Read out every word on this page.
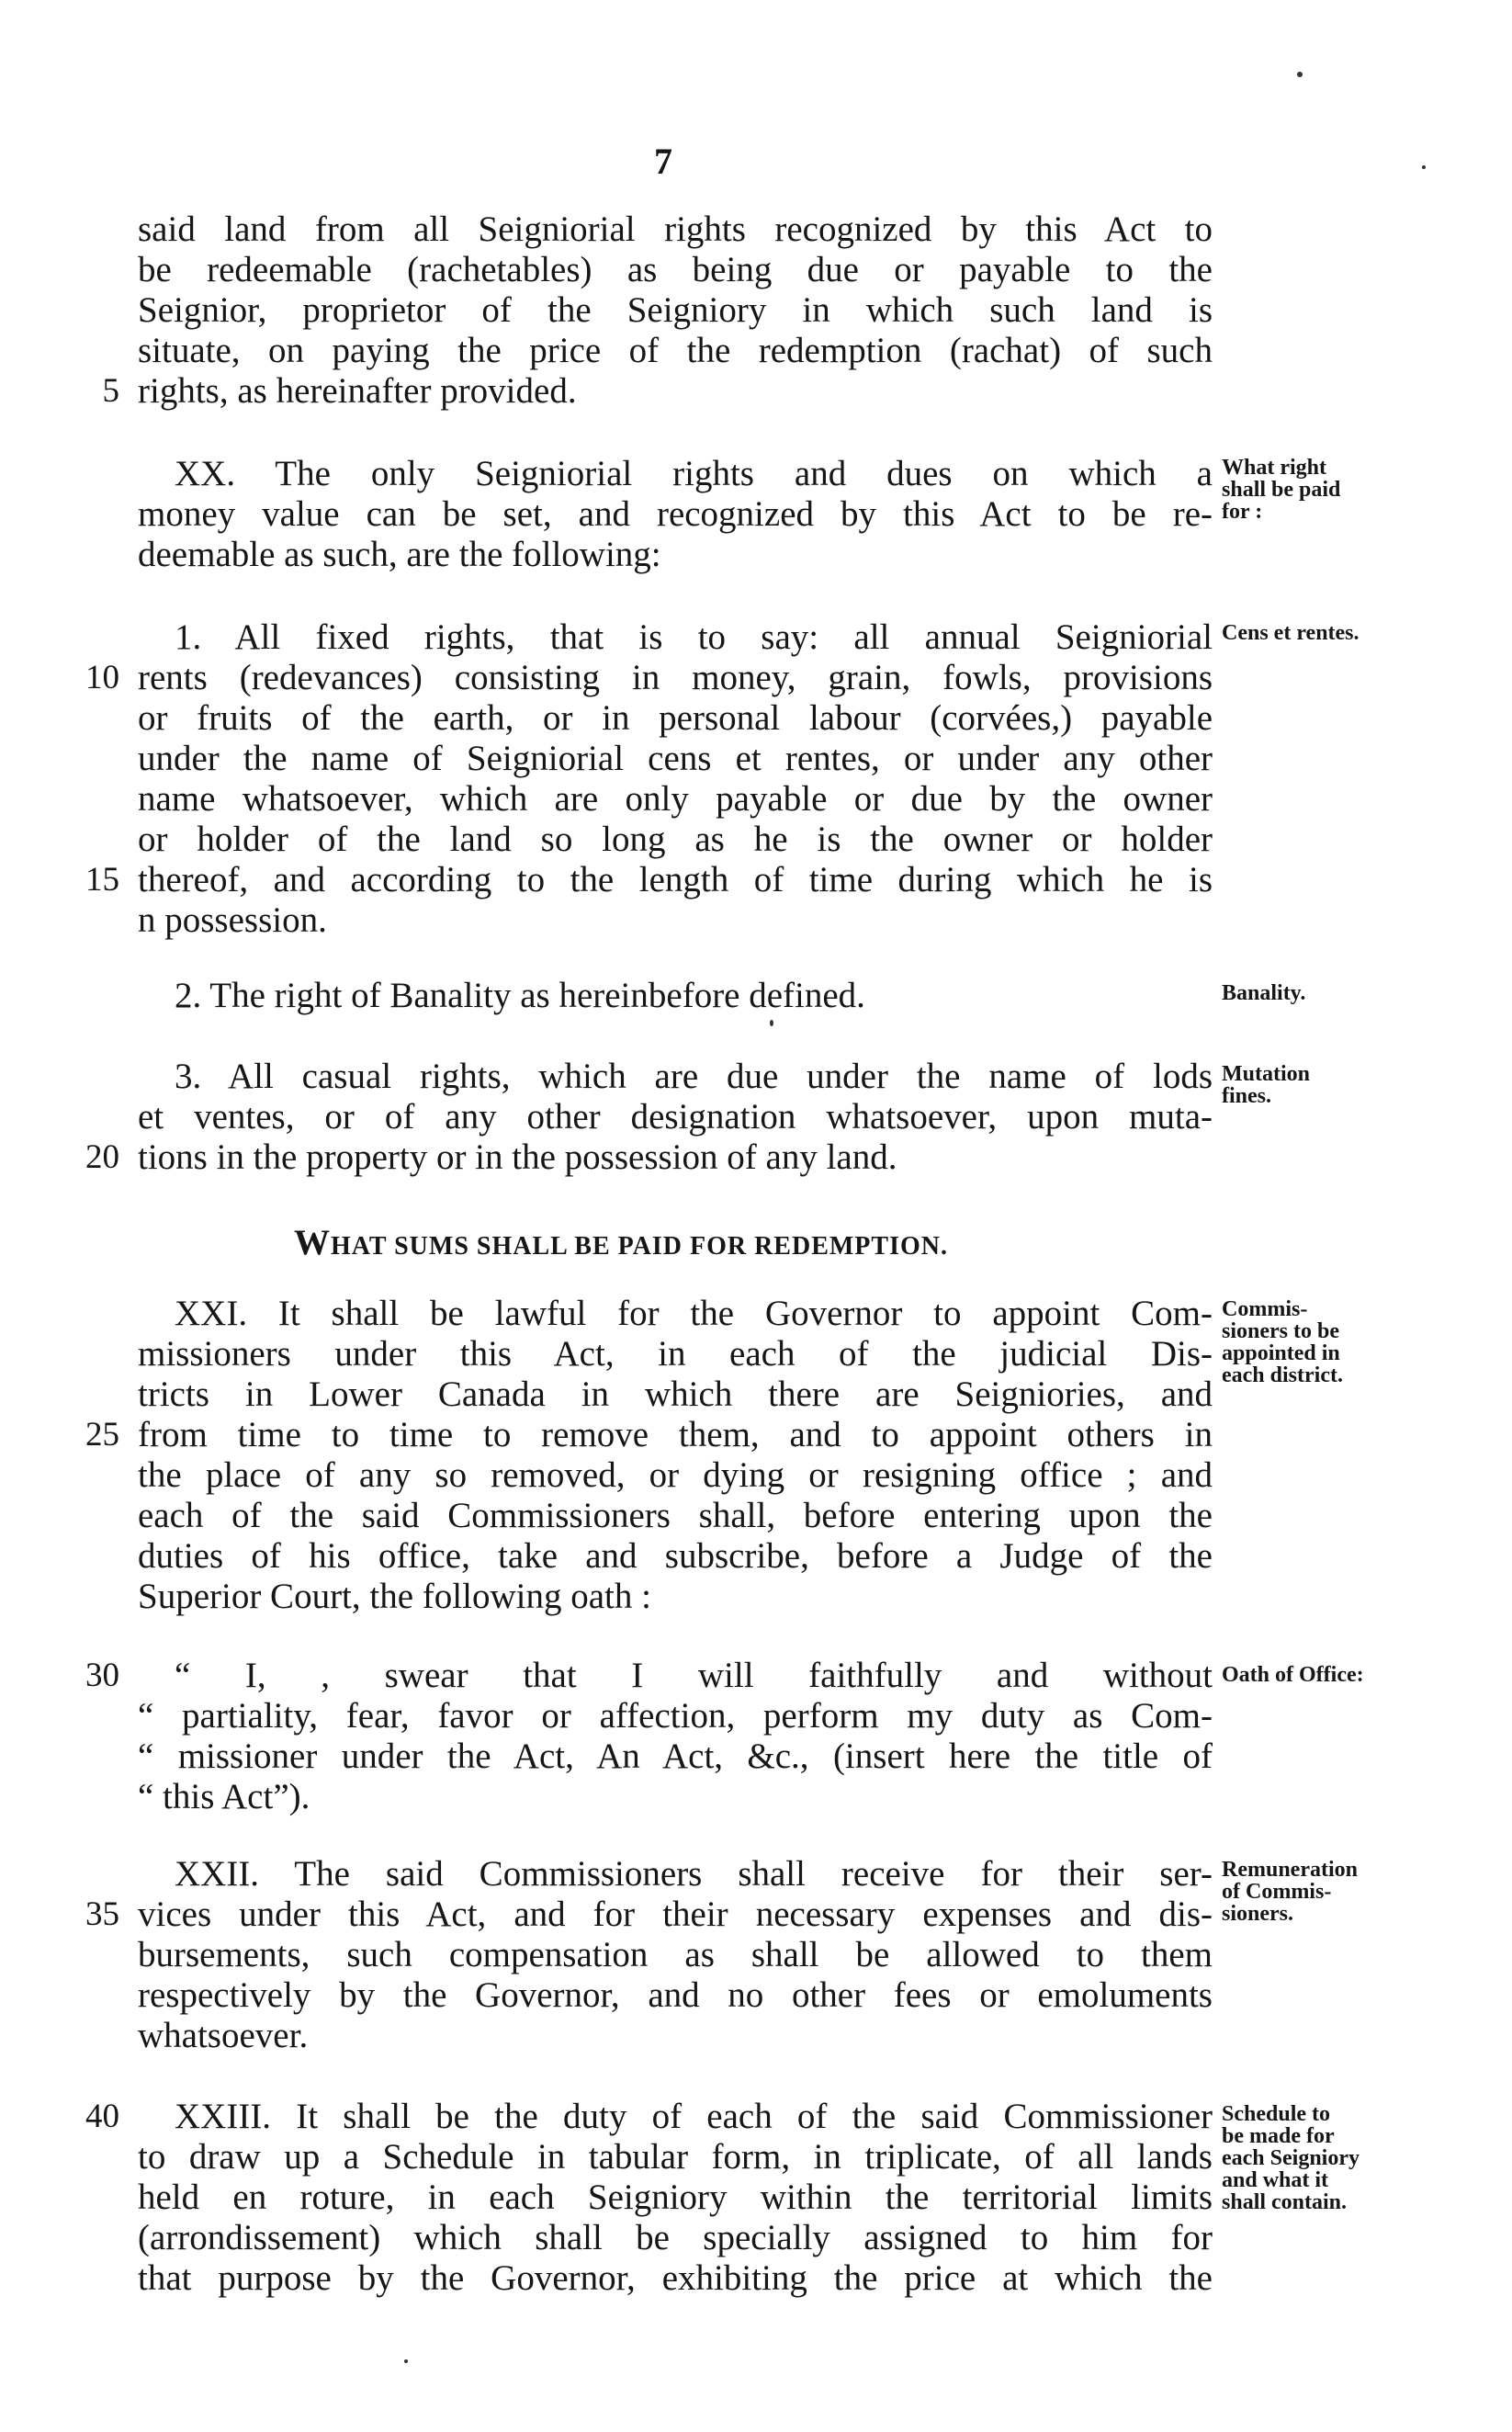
7
said land from all Seigniorial rights recognized by this Act to
be redeemable (rachetables) as being due or payable to the
Seignior, proprietor of the Seigniory in which such land is
situate, on paying the price of the redemption (rachat) of such
rights, as hereinafter provided.
5
XX. The only Seigniorial rights and dues on which a
money value can be set, and recognized by this Act to be re-
deemable as such, are the following:
What right
shall be paid
for :
1. All fixed rights, that is to say: all annual Seigniorial
rents (redevances) consisting in money, grain, fowls, provisions
10
or fruits of the earth, or in personal labour (corvées,) payable
under the name of Seigniorial cens et rentes, or under any other
name whatsoever, which are only payable or due by the owner
or holder of the land so long as he is the owner or holder
thereof, and according to the length of time during which he is
15
n possession.
Cens et rentes.
2. The right of Banality as hereinbefore defined.	Banality.
3. All casual rights, which are due under the name of lods
et ventes, or of any other designation whatsoever, upon muta-
tions in the property or in the possession of any land.
20
Mutation
fines.
WHAT SUMS SHALL BE PAID FOR REDEMPTION.
XXI. It shall be lawful for the Governor to appoint Com-
missioners under this Act, in each of the judicial Dis-
tricts in Lower Canada in which there are Seigniories, and
from time to time to remove them, and to appoint others in
25
the place of any so removed, or dying or resigning office ; and
each of the said Commissioners shall, before entering upon the
duties of his office, take and subscribe, before a Judge of the
Superior Court, the following oath :
Commis-
sioners to be
appointed in
each district.
“ I, , swear that I will faithfully and without
30
“ partiality, fear, favor or affection, perform my duty as Com-
“ missioner under the Act, An Act, &c., (insert here the title of
“ this Act”).
Oath of Office:
XXII. The said Commissioners shall receive for their ser-
vices under this Act, and for their necessary expenses and dis-
35
bursements, such compensation as shall be allowed to them
respectively by the Governor, and no other fees or emoluments
whatsoever.
Remuneration
of Commis-
sioners.
XXIII. It shall be the duty of each of the said Commissioner
40
to draw up a Schedule in tabular form, in triplicate, of all lands
held en roture, in each Seigniory within the territorial limits
(arrondissement) which shall be specially assigned to him for
that purpose by the Governor, exhibiting the price at which the
Schedule to
be made for
each Seigniory
and what it
shall contain.
